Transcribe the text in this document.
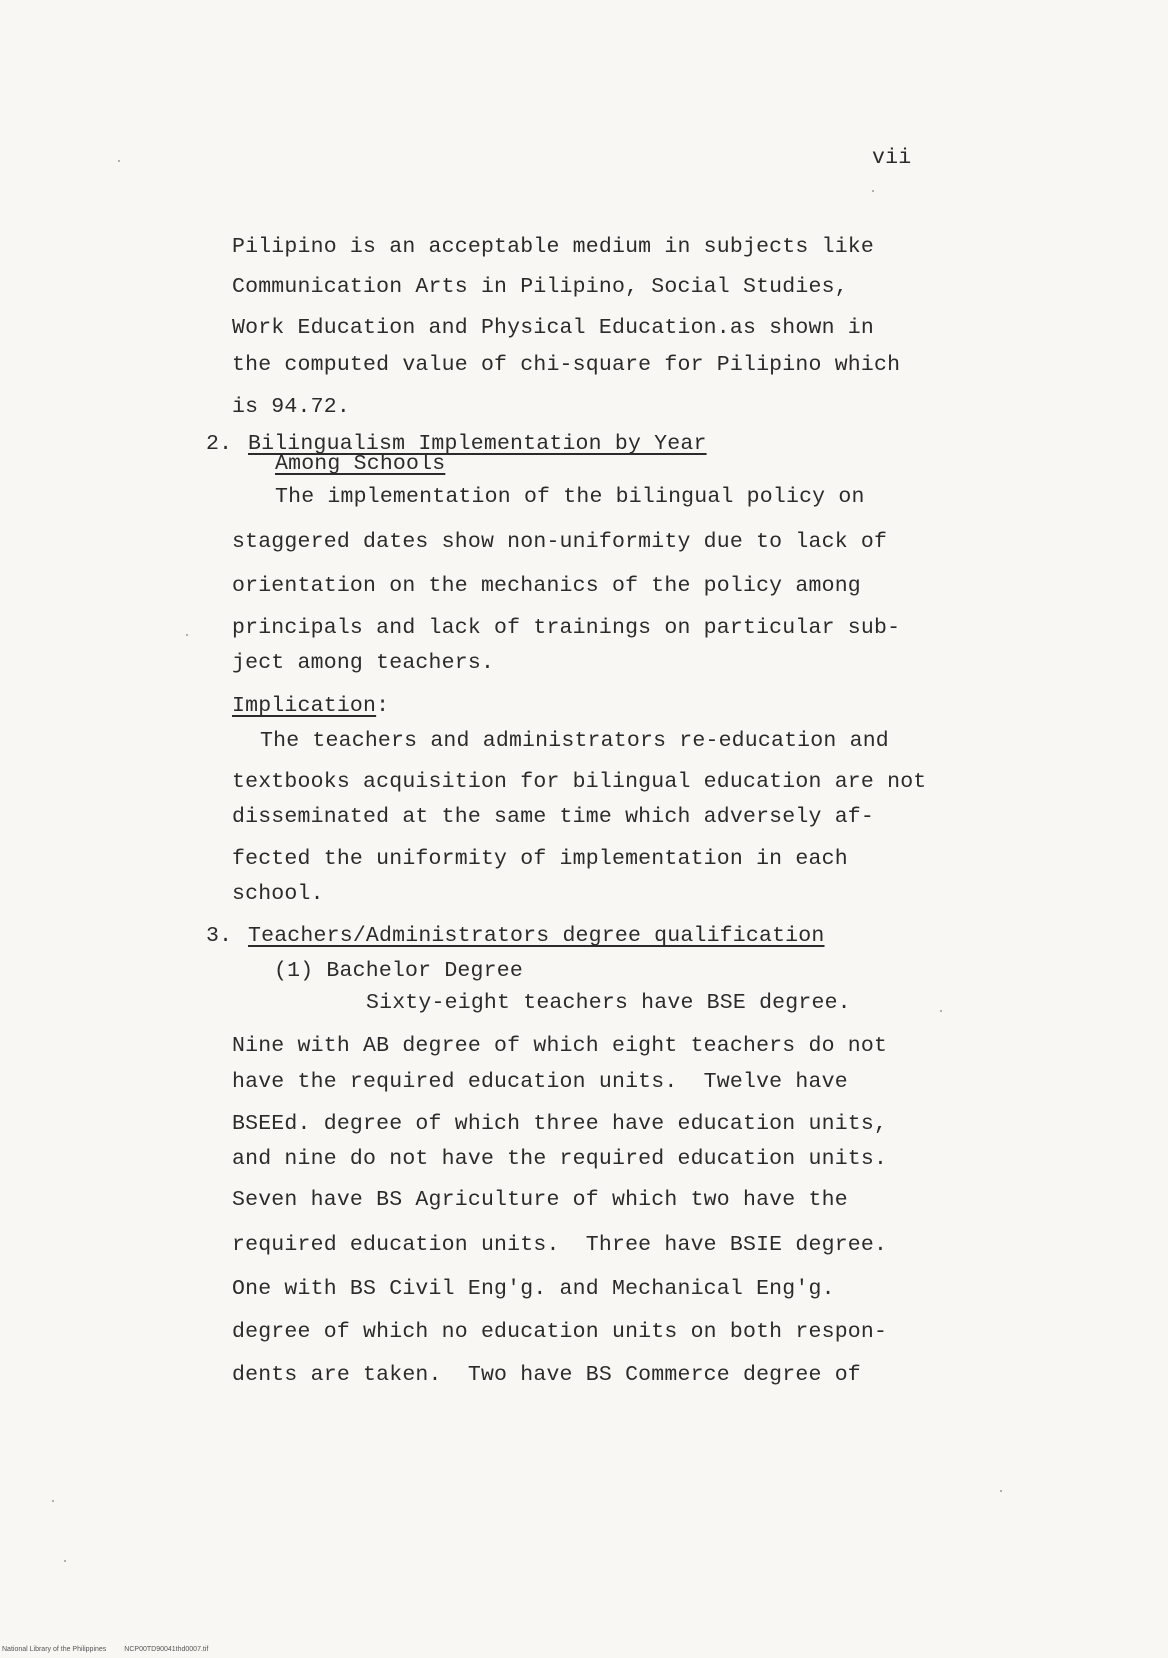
vii
Pilipino is an acceptable medium in subjects like
Communication Arts in Pilipino, Social Studies,
Work Education and Physical Education.as shown in
the computed value of chi-square for Pilipino which
is 94.72.
2. Bilingualism Implementation by Year
Among Schools
The implementation of the bilingual policy on
staggered dates show non-uniformity due to lack of
orientation on the mechanics of the policy among
principals and lack of trainings on particular sub-
ject among teachers.
Implication:
The teachers and administrators re-education and
textbooks acquisition for bilingual education are not
disseminated at the same time which adversely af-
fected the uniformity of implementation in each
school.
3. Teachers/Administrators degree qualification
(1) Bachelor Degree
Sixty-eight teachers have BSE degree.
Nine with AB degree of which eight teachers do not
have the required education units.  Twelve have
BSEEd. degree of which three have education units,
and nine do not have the required education units.
Seven have BS Agriculture of which two have the
required education units.  Three have BSIE degree.
One with BS Civil Eng'g. and Mechanical Eng'g.
degree of which no education units on both respon-
dents are taken.  Two have BS Commerce degree of
National Library of the Philippines	NCP00TD90041thd0007.tif
